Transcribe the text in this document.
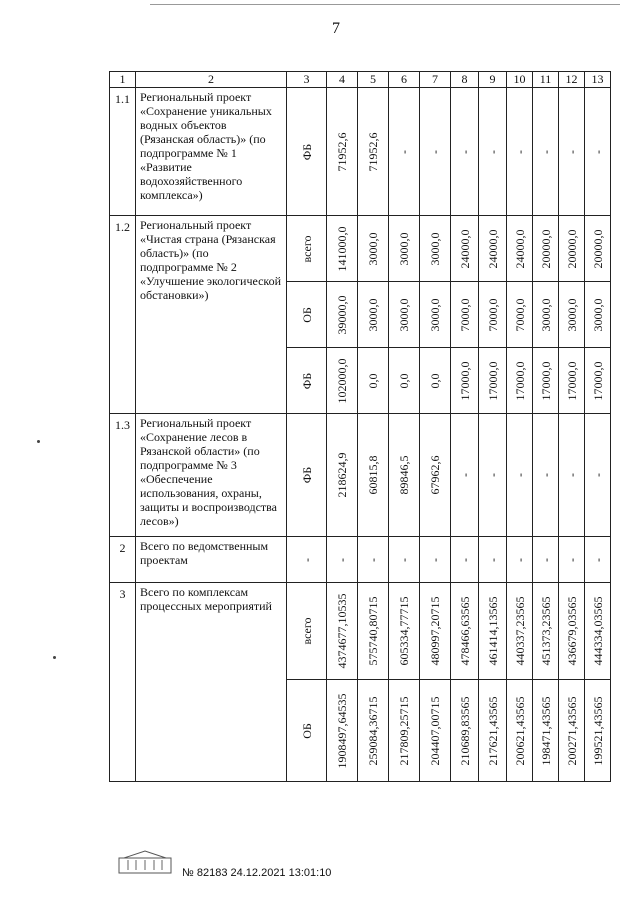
7
1	2	3	4	5	6	7	8	9	10	11	12	13
1.1	Региональный проект «Сохранение уникальных водных объектов (Рязанская область)» (по подпрограмме № 1 «Развитие водохозяйственного комплекса»)	ФБ	71952,6	71952,6	-	-	-	-	-	-	-	-

1.2	Региональный проект «Чистая страна (Рязанская область)» (по подпрограмме № 2 «Улучшение экологической обстановки»)	всего	141000,0	3000,0	3000,0	3000,0	24000,0	24000,0	24000,0	20000,0	20000,0	20000,0

		ОБ	39000,0	3000,0	3000,0	3000,0	7000,0	7000,0	7000,0	3000,0	3000,0	3000,0

		ФБ	102000,0	0,0	0,0	0,0	17000,0	17000,0	17000,0	17000,0	17000,0	17000,0

1.3	Региональный проект «Сохранение лесов в Рязанской области» (по подпрограмме № 3 «Обеспечение использования, охраны, защиты и воспроизводства лесов»)	ФБ	218624,9	60815,8	89846,5	67962,6	-	-	-	-	-	-

2	Всего по ведомственным проектам	-	-	-	-	-	-	-	-	-	-	-

3	Всего по комплексам процессных мероприятий	всего	4374677,10535	575740,80715	605334,77715	480997,20715	478466,63565	461414,13565	440337,23565	451373,23565	436679,03565	444334,03565

		ОБ	1908497,64535	259084,36715	217809,25715	204407,00715	210689,83565	217621,43565	200621,43565	198471,43565	200271,43565	199521,43565
№ 82183 24.12.2021 13:01:10
